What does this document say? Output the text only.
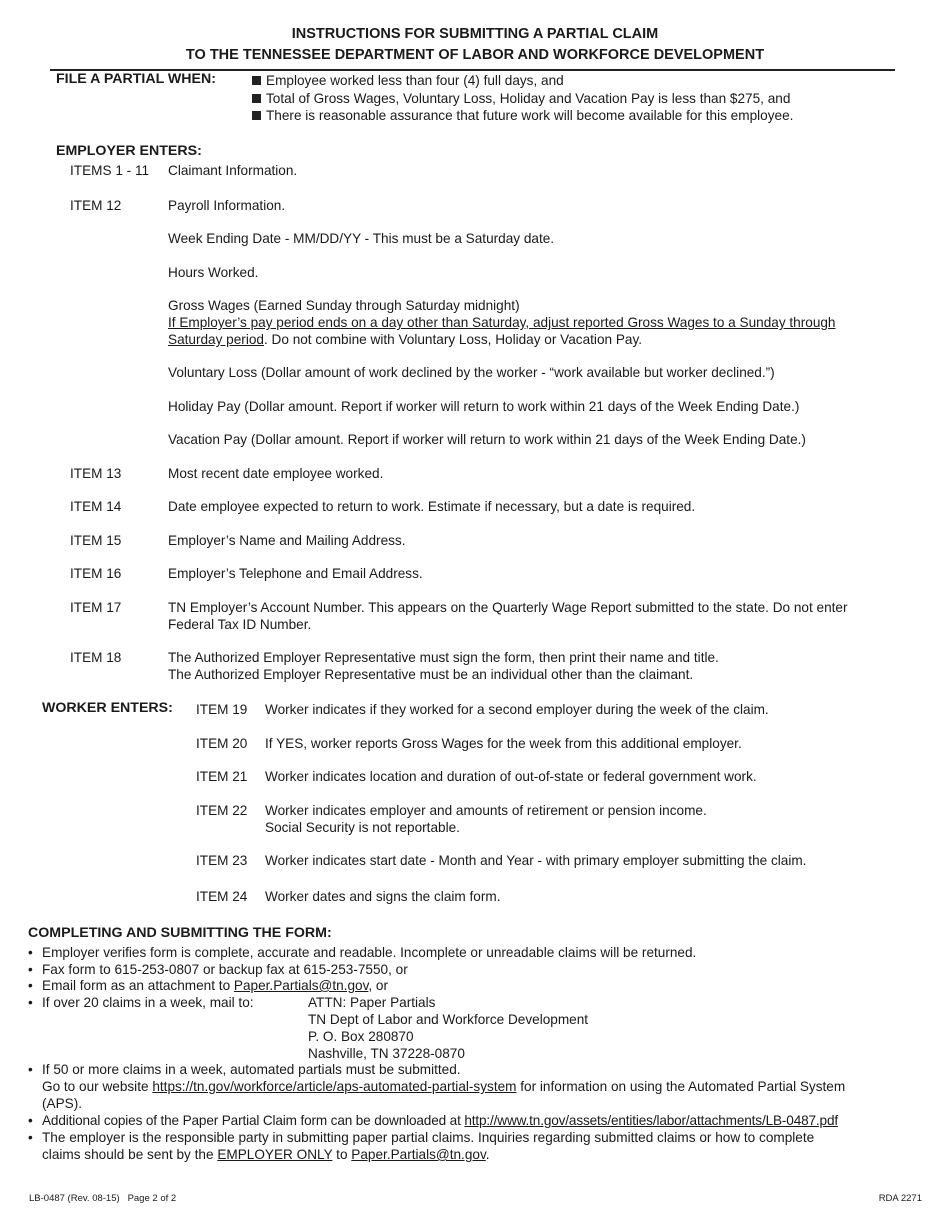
INSTRUCTIONS FOR SUBMITTING A PARTIAL CLAIM
TO THE TENNESSEE DEPARTMENT OF LABOR AND WORKFORCE DEVELOPMENT
FILE A PARTIAL WHEN:	Employee worked less than four (4) full days, and
Total of Gross Wages, Voluntary Loss, Holiday and Vacation Pay is less than $275, and
There is reasonable assurance that future work will become available for this employee.
EMPLOYER ENTERS:
ITEMS 1 - 11 Claimant Information.
ITEM 12	Payroll Information.
Week Ending Date - MM/DD/YY - This must be a Saturday date.
Hours Worked.
Gross Wages (Earned Sunday through Saturday midnight)
If Employer’s pay period ends on a day other than Saturday, adjust reported Gross Wages to a Sunday through
Saturday period. Do not combine with Voluntary Loss, Holiday or Vacation Pay.
Voluntary Loss (Dollar amount of work declined by the worker - “work available but worker declined.”)
Holiday Pay (Dollar amount. Report if worker will return to work within 21 days of the Week Ending Date.)
Vacation Pay (Dollar amount. Report if worker will return to work within 21 days of the Week Ending Date.)
ITEM 13	Most recent date employee worked.
ITEM 14	Date employee expected to return to work. Estimate if necessary, but a date is required.
ITEM 15	Employer’s Name and Mailing Address.
ITEM 16	Employer’s Telephone and Email Address.
ITEM 17	TN Employer’s Account Number. This appears on the Quarterly Wage Report submitted to the state. Do not enter
Federal Tax ID Number.
ITEM 18	The Authorized Employer Representative must sign the form, then print their name and title.
The Authorized Employer Representative must be an individual other than the claimant.
WORKER ENTERS: ITEM 19 Worker indicates if they worked for a second employer during the week of the claim.
ITEM 20 If YES, worker reports Gross Wages for the week from this additional employer.
ITEM 21 Worker indicates location and duration of out-of-state or federal government work.
ITEM 22 Worker indicates employer and amounts of retirement or pension income.
Social Security is not reportable.
ITEM 23 Worker indicates start date - Month and Year - with primary employer submitting the claim.
ITEM 24 Worker dates and signs the claim form.
COMPLETING AND SUBMITTING THE FORM:
• Employer verifies form is complete, accurate and readable. Incomplete or unreadable claims will be returned.
• Fax form to 615-253-0807 or backup fax at 615-253-7550, or
• Email form as an attachment to Paper.Partials@tn.gov, or
• If over 20 claims in a week, mail to:	ATTN: Paper Partials
TN Dept of Labor and Workforce Development
P. O. Box 280870
Nashville, TN 37228-0870
• If 50 or more claims in a week, automated partials must be submitted.
Go to our website https://tn.gov/workforce/article/aps-automated-partial-system for information on using the Automated Partial System
(APS).
• Additional copies of the Paper Partial Claim form can be downloaded at http://www.tn.gov/assets/entities/labor/attachments/LB-0487.pdf
• The employer is the responsible party in submitting paper partial claims. Inquiries regarding submitted claims or how to complete
claims should be sent by the EMPLOYER ONLY to Paper.Partials@tn.gov.
LB-0487 (Rev. 08-15)   Page 2 of 2	RDA 2271
